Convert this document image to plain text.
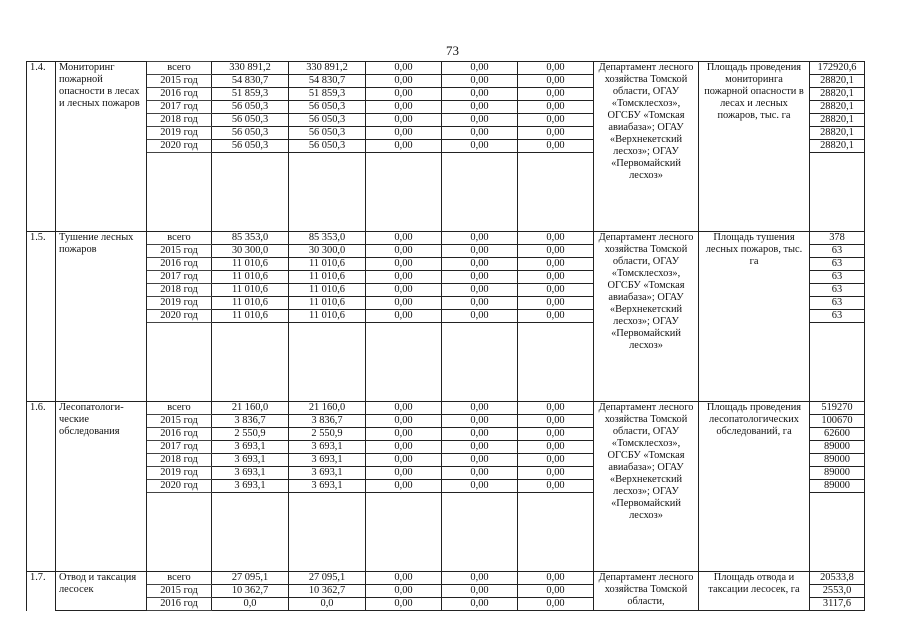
73
1.4.	Мониторинг пожарной опасности в лесах и лесных пожаров	всего	330 891,2	330 891,2	0,00	0,00	0,00	Департамент лесного хозяйства Томской области, ОГАУ «Томсклесхоз», ОГСБУ «Томская авиабаза»; ОГАУ «Верхнекетский лесхоз»; ОГАУ «Первомайский лесхоз»	Площадь проведения мониторинга пожарной опасности в лесах и лесных пожаров, тыс. га	172920,6
		2015 год	54 830,7	54 830,7	0,00	0,00	0,00			28820,1
		2016 год	51 859,3	51 859,3	0,00	0,00	0,00			28820,1
		2017 год	56 050,3	56 050,3	0,00	0,00	0,00			28820,1
		2018 год	56 050,3	56 050,3	0,00	0,00	0,00			28820,1
		2019 год	56 050,3	56 050,3	0,00	0,00	0,00			28820,1
		2020 год	56 050,3	56 050,3	0,00	0,00	0,00			28820,1

1.5.	Тушение лесных пожаров	всего	85 353,0	85 353,0	0,00	0,00	0,00	Департамент лесного хозяйства Томской области, ОГАУ «Томсклесхоз», ОГСБУ «Томская авиабаза»; ОГАУ «Верхнекетский лесхоз»; ОГАУ «Первомайский лесхоз»	Площадь тушения лесных пожаров, тыс. га	378
		2015 год	30 300,0	30 300,0	0,00	0,00	0,00			63
		2016 год	11 010,6	11 010,6	0,00	0,00	0,00			63
		2017 год	11 010,6	11 010,6	0,00	0,00	0,00			63
		2018 год	11 010,6	11 010,6	0,00	0,00	0,00			63
		2019 год	11 010,6	11 010,6	0,00	0,00	0,00			63
		2020 год	11 010,6	11 010,6	0,00	0,00	0,00			63

1.6.	Лесопатологи-ческие обследования	всего	21 160,0	21 160,0	0,00	0,00	0,00	Департамент лесного хозяйства Томской области, ОГАУ «Томсклесхоз», ОГСБУ «Томская авиабаза»; ОГАУ «Верхнекетский лесхоз»; ОГАУ «Первомайский лесхоз»	Площадь проведения лесопатологических обследований, га	519270
		2015 год	3 836,7	3 836,7	0,00	0,00	0,00			100670
		2016 год	2 550,9	2 550,9	0,00	0,00	0,00			62600
		2017 год	3 693,1	3 693,1	0,00	0,00	0,00			89000
		2018 год	3 693,1	3 693,1	0,00	0,00	0,00			89000
		2019 год	3 693,1	3 693,1	0,00	0,00	0,00			89000
		2020 год	3 693,1	3 693,1	0,00	0,00	0,00			89000

1.7.	Отвод и таксация лесосек	всего	27 095,1	27 095,1	0,00	0,00	0,00	Департамент лесного хозяйства Томской области,	Площадь отвода и таксации лесосек, га	20533,8
		2015 год	10 362,7	10 362,7	0,00	0,00	0,00			2553,0
		2016 год	0,0	0,0	0,00	0,00	0,00			3117,6
